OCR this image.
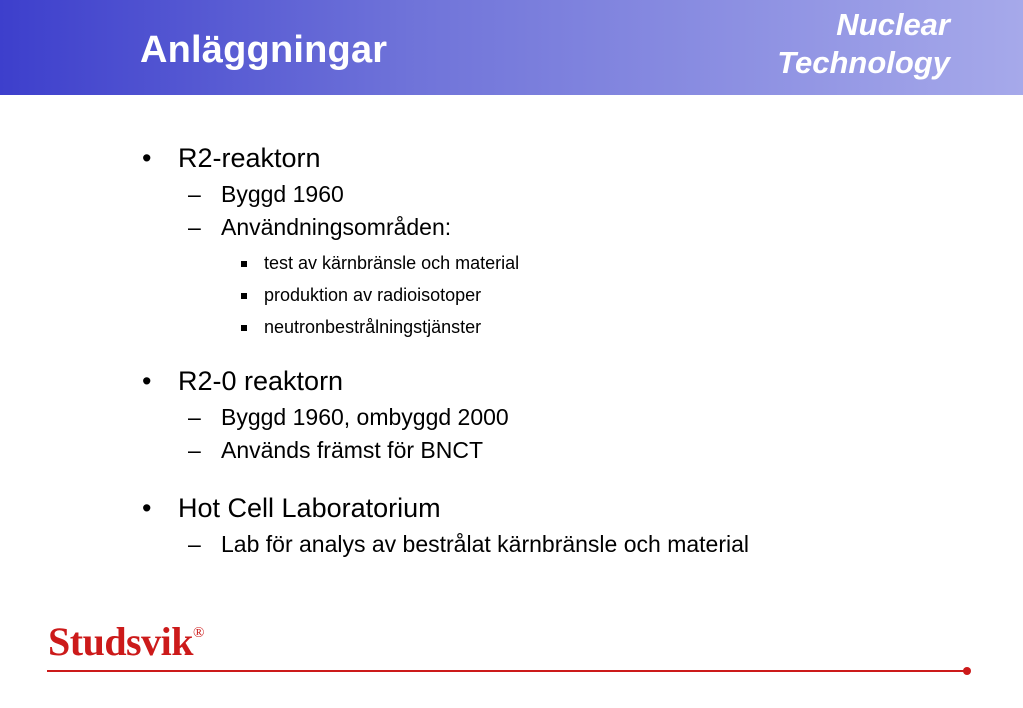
Anläggningar
Nuclear
Technology
• R2-reaktorn
– Byggd 1960
– Användningsområden:
test av kärnbränsle och material
produktion av radioisotoper
neutronbestrålningstjänster
• R2-0 reaktorn
– Byggd 1960, ombyggd 2000
– Används främst för BNCT
• Hot Cell Laboratorium
– Lab för analys av bestrålat kärnbränsle och material
Studsvik®
